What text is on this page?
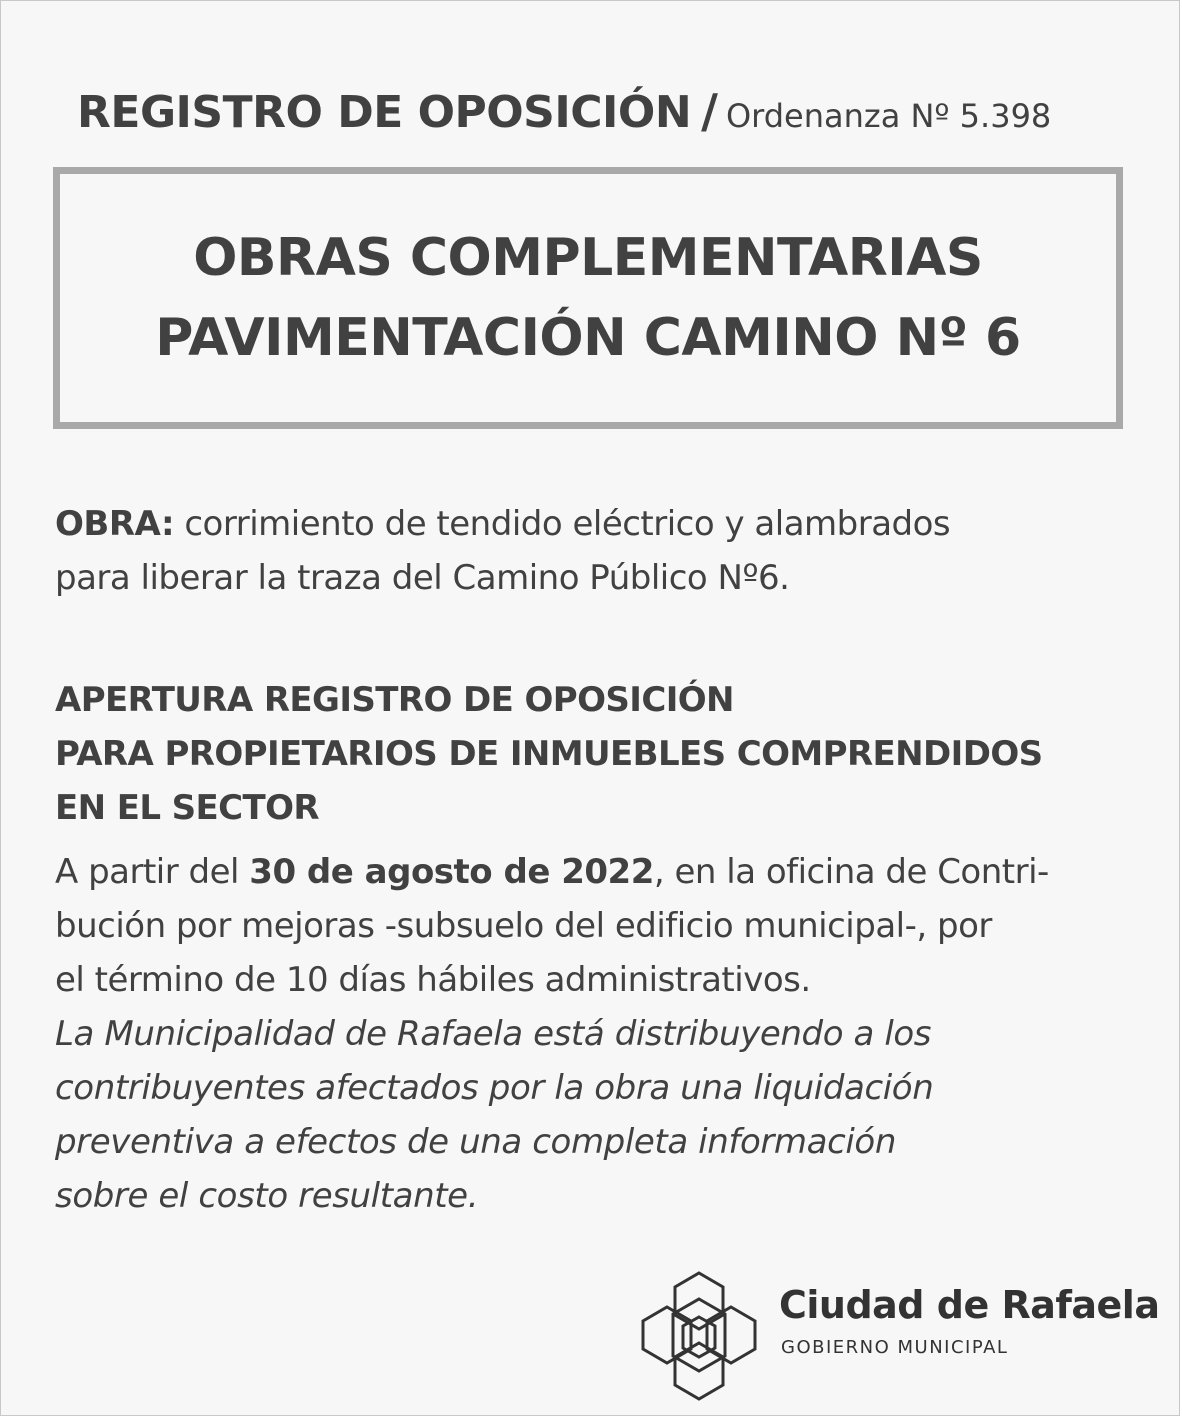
REGISTRO DE OPOSICIÓN / Ordenanza Nº 5.398
OBRAS COMPLEMENTARIAS
PAVIMENTACIÓN CAMINO Nº 6
OBRA: corrimiento de tendido eléctrico y alambrados
para liberar la traza del Camino Público Nº6.
APERTURA REGISTRO DE OPOSICIÓN
PARA PROPIETARIOS DE INMUEBLES COMPRENDIDOS
EN EL SECTOR
A partir del 30 de agosto de 2022, en la oficina de Contri-
bución por mejoras -subsuelo del edificio municipal-, por
el término de 10 días hábiles administrativos.
La Municipalidad de Rafaela está distribuyendo a los
contribuyentes afectados por la obra una liquidación
preventiva a efectos de una completa información
sobre el costo resultante.
Ciudad de Rafaela
GOBIERNO MUNICIPAL
